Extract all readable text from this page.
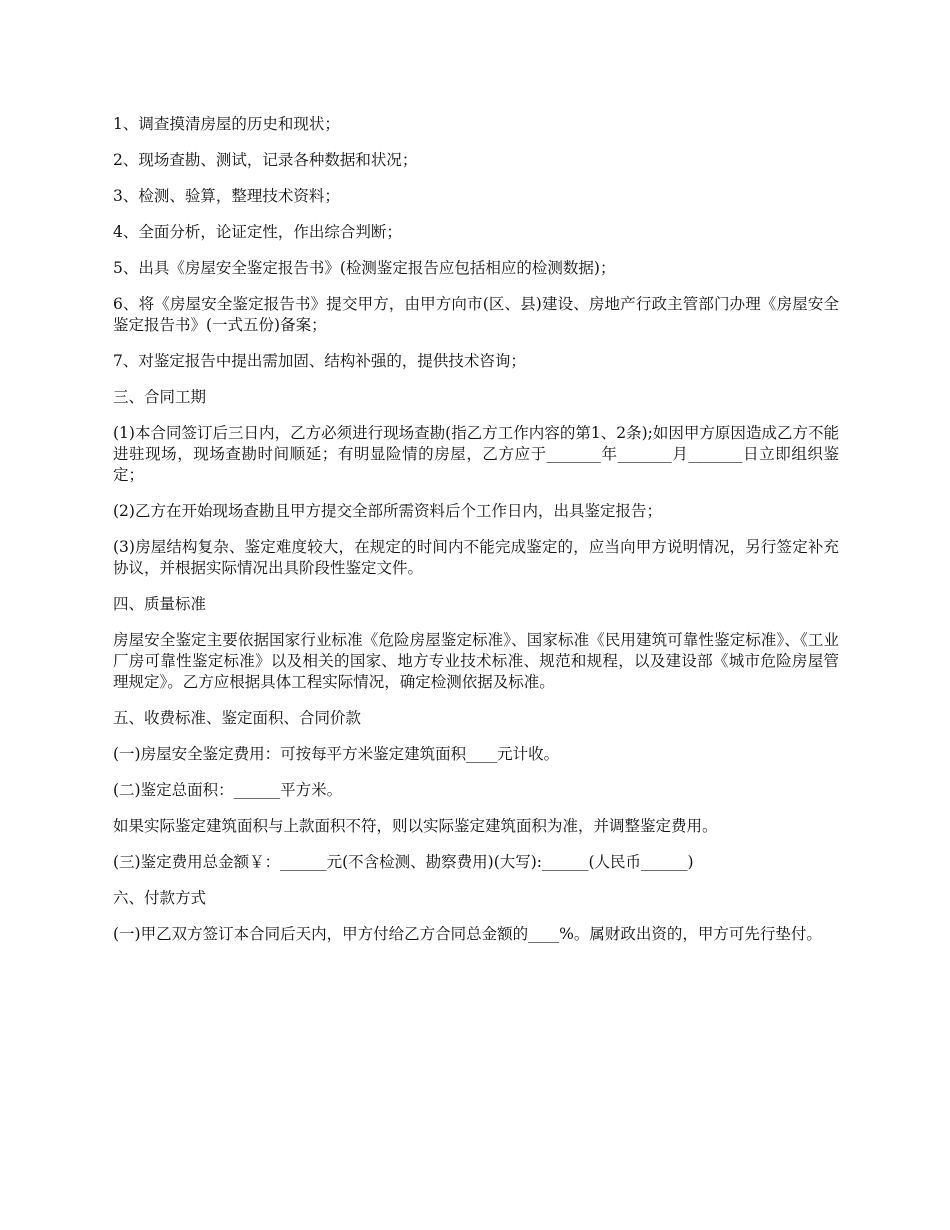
1、调查摸清房屋的历史和现状；

2、现场查勘、测试，记录各种数据和状况；

3、检测、验算，整理技术资料；

4、全面分析，论证定性，作出综合判断；

5、出具《房屋安全鉴定报告书》(检测鉴定报告应包括相应的检测数据)；

6、将《房屋安全鉴定报告书》提交甲方，由甲方向市(区、县)建设、房地产行政主管部门办理《房屋安全鉴定报告书》(一式五份)备案；

7、对鉴定报告中提出需加固、结构补强的，提供技术咨询；

三、合同工期

(1)本合同签订后三日内，乙方必须进行现场查勘(指乙方工作内容的第1、2条);如因甲方原因造成乙方不能进驻现场，现场查勘时间顺延；有明显险情的房屋，乙方应于_______年_______月_______日立即组织鉴定；

(2)乙方在开始现场查勘且甲方提交全部所需资料后个工作日内，出具鉴定报告；

(3)房屋结构复杂、鉴定难度较大，在规定的时间内不能完成鉴定的，应当向甲方说明情况，另行签定补充协议，并根据实际情况出具阶段性鉴定文件。

四、质量标准

房屋安全鉴定主要依据国家行业标准《危险房屋鉴定标准》、国家标准《民用建筑可靠性鉴定标准》、《工业厂房可靠性鉴定标准》以及相关的国家、地方专业技术标准、规范和规程，以及建设部《城市危险房屋管理规定》。乙方应根据具体工程实际情况，确定检测依据及标准。

五、收费标准、鉴定面积、合同价款

(一)房屋安全鉴定费用：可按每平方米鉴定建筑面积____元计收。

(二)鉴定总面积：______平方米。

如果实际鉴定建筑面积与上款面积不符，则以实际鉴定建筑面积为准，并调整鉴定费用。

(三)鉴定费用总金额￥：______元(不含检测、勘察费用)(大写):______(人民币______)

六、付款方式

(一)甲乙双方签订本合同后天内，甲方付给乙方合同总金额的____%。属财政出资的，甲方可先行垫付。
